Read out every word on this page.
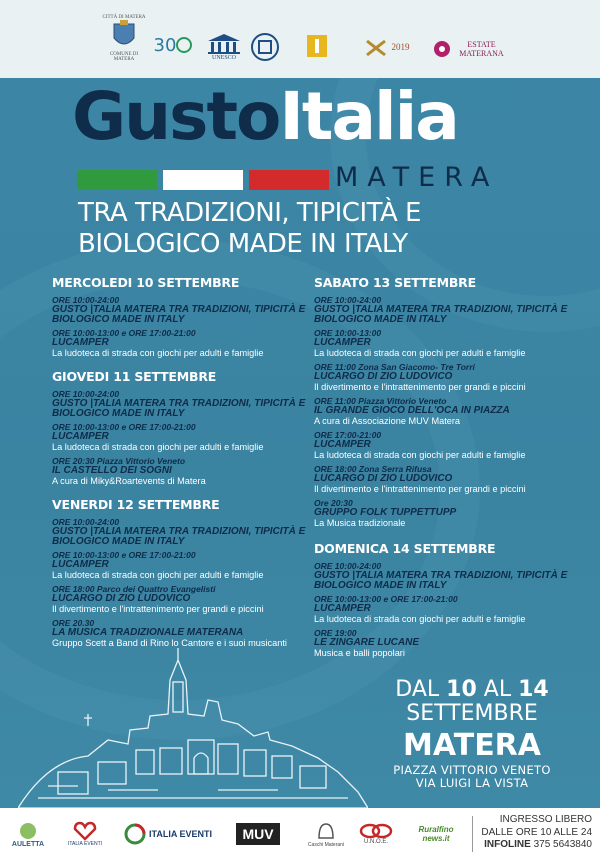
CITTÀ DI MATERA
COMUNE DI MATERA
30
UNESCO
2019	ESTATE MATERANA
GustoItalia
MATERA
TRA TRADIZIONI, TIPICITÀ E BIOLOGICO MADE IN ITALY
MERCOLEDI 10 SETTEMBRE
ORE 10:00-24:00
GUSTO |TALIA MATERA TRA TRADIZIONI, TIPICITÀ E BIOLOGICO MADE IN ITALY
ORE 10:00-13:00 e ORE 17:00-21:00
LUCAMPER
La ludoteca di strada con giochi per adulti e famiglie
GIOVEDI 11 SETTEMBRE
ORE 10:00-24:00
GUSTO |TALIA MATERA TRA TRADIZIONI, TIPICITÀ E BIOLOGICO MADE IN ITALY
ORE 10:00-13:00 e ORE 17:00-21:00
LUCAMPER
La ludoteca di strada con giochi per adulti e famiglie
ORE 20:30 Piazza Vittorio Veneto
IL CASTELLO DEI SOGNI
A cura di Miky&Roartevents di Matera
VENERDI 12 SETTEMBRE
ORE 10:00-24:00
GUSTO |TALIA MATERA TRA TRADIZIONI, TIPICITÀ E BIOLOGICO MADE IN ITALY
ORE 10:00-13:00 e ORE 17:00-21:00
LUCAMPER
La ludoteca di strada con giochi per adulti e famiglie
ORE 18:00 Parco dei Quattro Evangelisti
LUCARGO DI ZIO LUDOVICO
Il divertimento e l'intrattenimento per grandi e piccini
ORE 20.30
LA MUSICA TRADIZIONALE MATERANA
Gruppo Scett a Band di Rino lo Cantore e i suoi musicanti
SABATO 13 SETTEMBRE
ORE 10:00-24:00
GUSTO |TALIA MATERA TRA TRADIZIONI, TIPICITÀ E BIOLOGICO MADE IN ITALY
ORE 10:00-13:00
LUCAMPER
La ludoteca di strada con giochi per adulti e famiglie
ORE 11:00 Zona San Giacomo- Tre Torri
LUCARGO DI ZIO LUDOVICO
Il divertimento e l'intrattenimento per grandi e piccini
ORE 11:00 Piazza Vittorio Veneto
IL GRANDE GIOCO DELL'OCA IN PIAZZA
A cura di Associazione MUV Matera
ORE 17:00-21:00
LUCAMPER
La ludoteca di strada con giochi per adulti e famiglie
ORE 18:00 Zona Serra Rifusa
LUCARGO DI ZIO LUDOVICO
Il divertimento e l'intrattenimento per grandi e piccini
Ore 20:30
GRUPPO FOLK TUPPETTUPP
La Musica tradizionale
DOMENICA 14 SETTEMBRE
ORE 10:00-24:00
GUSTO |TALIA MATERA TRA TRADIZIONI, TIPICITÀ E BIOLOGICO MADE IN ITALY
ORE 10:00-13:00 e ORE 17:00-21:00
LUCAMPER
La ludoteca di strada con giochi per adulti e famiglie
ORE 19:00
LE ZINGARE LUCANE
Musica e balli popolari
DAL 10 AL 14
SETTEMBRE
MATERA
PIAZZA VITTORIO VENETO
VIA LUIGI LA VISTA
AULETTA	ITALIA EVENTI
ITALIA EVENTI	MUV
Caschi Materani	U.N.O.E.
Ruralfino news.it
INGRESSO LIBERO
DALLE ORE 10 ALLE 24
INFOLINE 375 5643840
